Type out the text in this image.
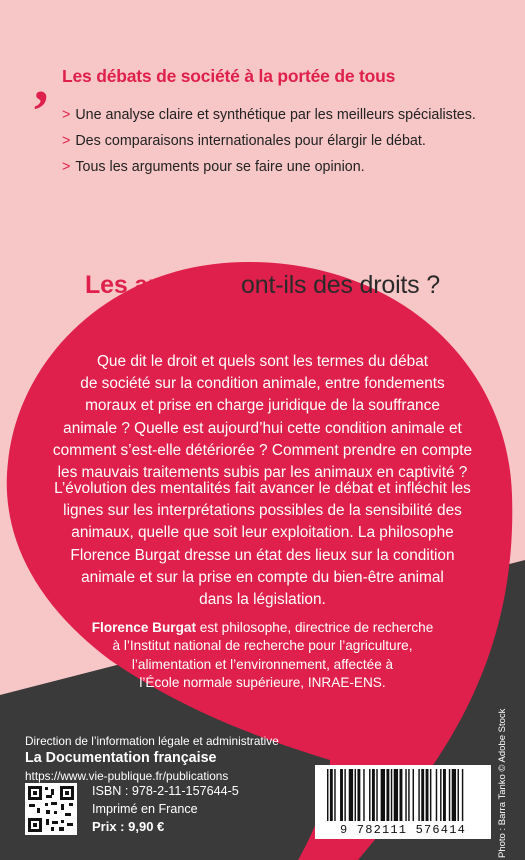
, Les débats de société à la portée de tous
> Une analyse claire et synthétique par les meilleurs spécialistes.
> Des comparaisons internationales pour élargir le débat.
> Tous les arguments pour se faire une opinion.
Les animaux ont-ils des droits ?

Que dit le droit et quels sont les termes du débat
de société sur la condition animale, entre fondements
moraux et prise en charge juridique de la souffrance
animale ? Quelle est aujourd’hui cette condition animale et
comment s’est-elle détériorée ? Comment prendre en compte
les mauvais traitements subis par les animaux en captivité ?

L’évolution des mentalités fait avancer le débat et infléchit les
lignes sur les interprétations possibles de la sensibilité des
animaux, quelle que soit leur exploitation. La philosophe
Florence Burgat dresse un état des lieux sur la condition
animale et sur la prise en compte du bien-être animal
dans la législation.

Florence Burgat est philosophe, directrice de recherche
à l’Institut national de recherche pour l’agriculture,
l’alimentation et l’environnement, affectée à
l’École normale supérieure, INRAE-ENS.

Photo : Barra Tanko © Adobe Stock
Direction de l’information légale et administrative
La Documentation française
https://www.vie-publique.fr/publications
ISBN : 978-2-11-157644-5
Imprimé en France
Prix : 9,90 €	9 782111 576414
